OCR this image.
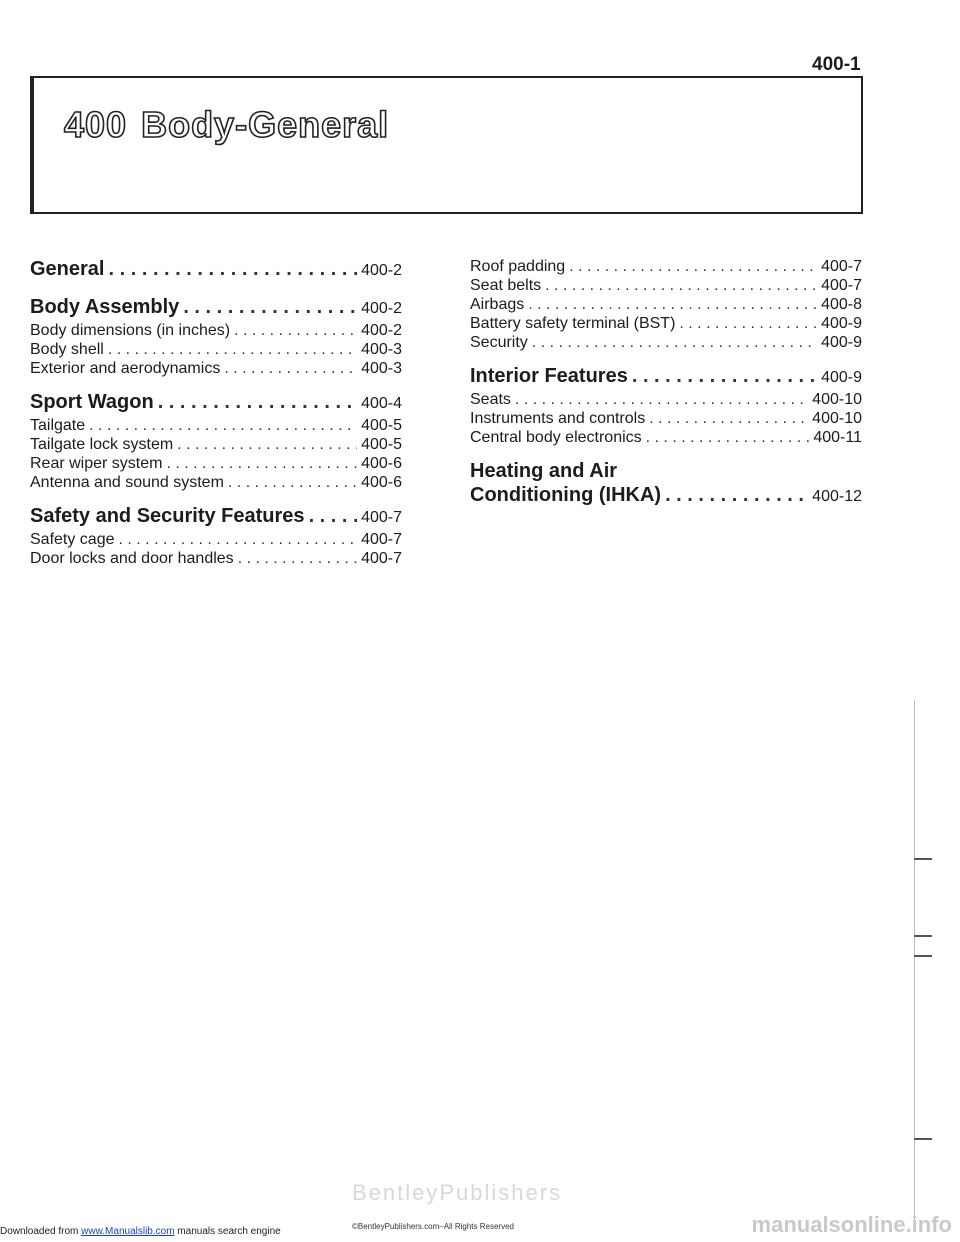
400-1
400 Body-General
General . . .	400-2
Body Assembly . . .	400-2
Body dimensions (in inches) . . .	400-2
Body shell . . .	400-3
Exterior and aerodynamics . . .	400-3
Sport Wagon . . .	400-4
Tailgate . . .	400-5
Tailgate lock system . . .	400-5
Rear wiper system . . .	400-6
Antenna and sound system . . .	400-6
Safety and Security Features . . .	400-7
Safety cage . . .	400-7
Door locks and door handles . . .	400-7
Roof padding . . .	400-7
Seat belts . . .	400-7
Airbags . . .	400-8
Battery safety terminal (BST) . . .	400-9
Security . . .	400-9
Interior Features . . .	400-9
Seats . . .	400-10
Instruments and controls . . .	400-10
Central body electronics . . .	400-11
Heating and Air
Conditioning (IHKA) . . .	400-12
BentleyPublishers
©BentleyPublishers.com–All Rights Reserved
Downloaded from www.Manualslib.com manuals search engine	manualsonline.info
